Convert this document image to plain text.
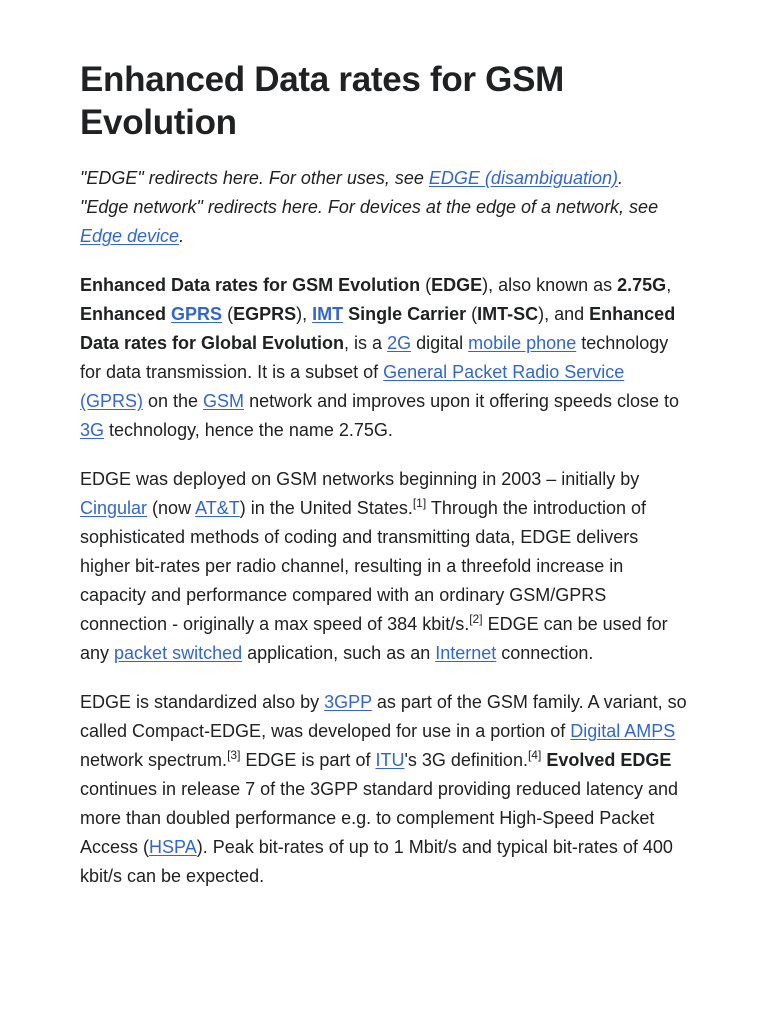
Enhanced Data rates for GSM Evolution
"EDGE" redirects here. For other uses, see EDGE (disambiguation).
"Edge network" redirects here. For devices at the edge of a network, see Edge device.

Enhanced Data rates for GSM Evolution (EDGE), also known as 2.75G, Enhanced GPRS (EGPRS), IMT Single Carrier (IMT-SC), and Enhanced Data rates for Global Evolution, is a 2G digital mobile phone technology for data transmission. It is a subset of General Packet Radio Service (GPRS) on the GSM network and improves upon it offering speeds close to 3G technology, hence the name 2.75G.

EDGE was deployed on GSM networks beginning in 2003 – initially by Cingular (now AT&T) in the United States.[1] Through the introduction of sophisticated methods of coding and transmitting data, EDGE delivers higher bit-rates per radio channel, resulting in a threefold increase in capacity and performance compared with an ordinary GSM/GPRS connection - originally a max speed of 384 kbit/s.[2] EDGE can be used for any packet switched application, such as an Internet connection.

EDGE is standardized also by 3GPP as part of the GSM family. A variant, so called Compact-EDGE, was developed for use in a portion of Digital AMPS network spectrum.[3] EDGE is part of ITU's 3G definition.[4] Evolved EDGE continues in release 7 of the 3GPP standard providing reduced latency and more than doubled performance e.g. to complement High-Speed Packet Access (HSPA). Peak bit-rates of up to 1 Mbit/s and typical bit-rates of 400 kbit/s can be expected.
